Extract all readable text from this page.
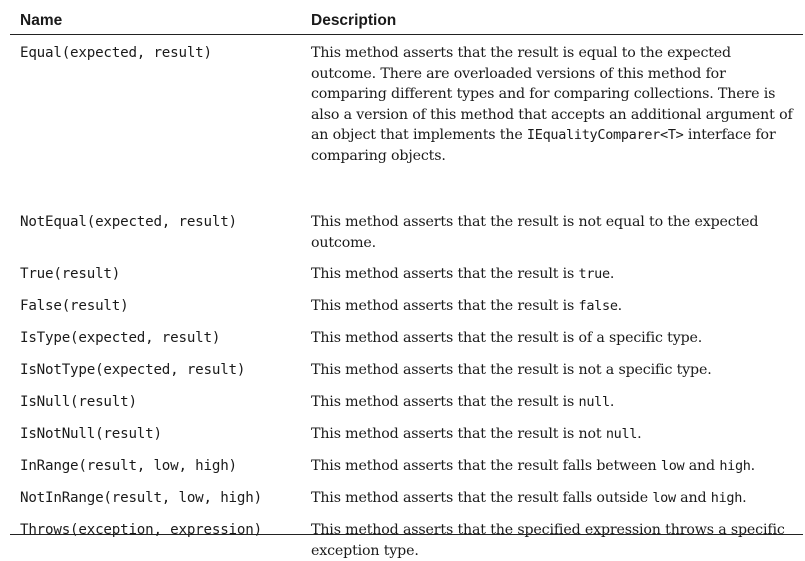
Name	Description
Equal(expected, result)	This method asserts that the result is equal to the expected outcome. There are overloaded versions of this method for comparing different types and for comparing collections. There is also a version of this method that accepts an additional argument of an object that implements the IEqualityComparer<T> interface for comparing objects.
NotEqual(expected, result)	This method asserts that the result is not equal to the expected outcome.
True(result)	This method asserts that the result is true.
False(result)	This method asserts that the result is false.
IsType(expected, result)	This method asserts that the result is of a specific type.
IsNotType(expected, result)	This method asserts that the result is not a specific type.
IsNull(result)	This method asserts that the result is null.
IsNotNull(result)	This method asserts that the result is not null.
InRange(result, low, high)	This method asserts that the result falls between low and high.
NotInRange(result, low, high)	This method asserts that the result falls outside low and high.
Throws(exception, expression)	This method asserts that the specified expression throws a specific exception type.
